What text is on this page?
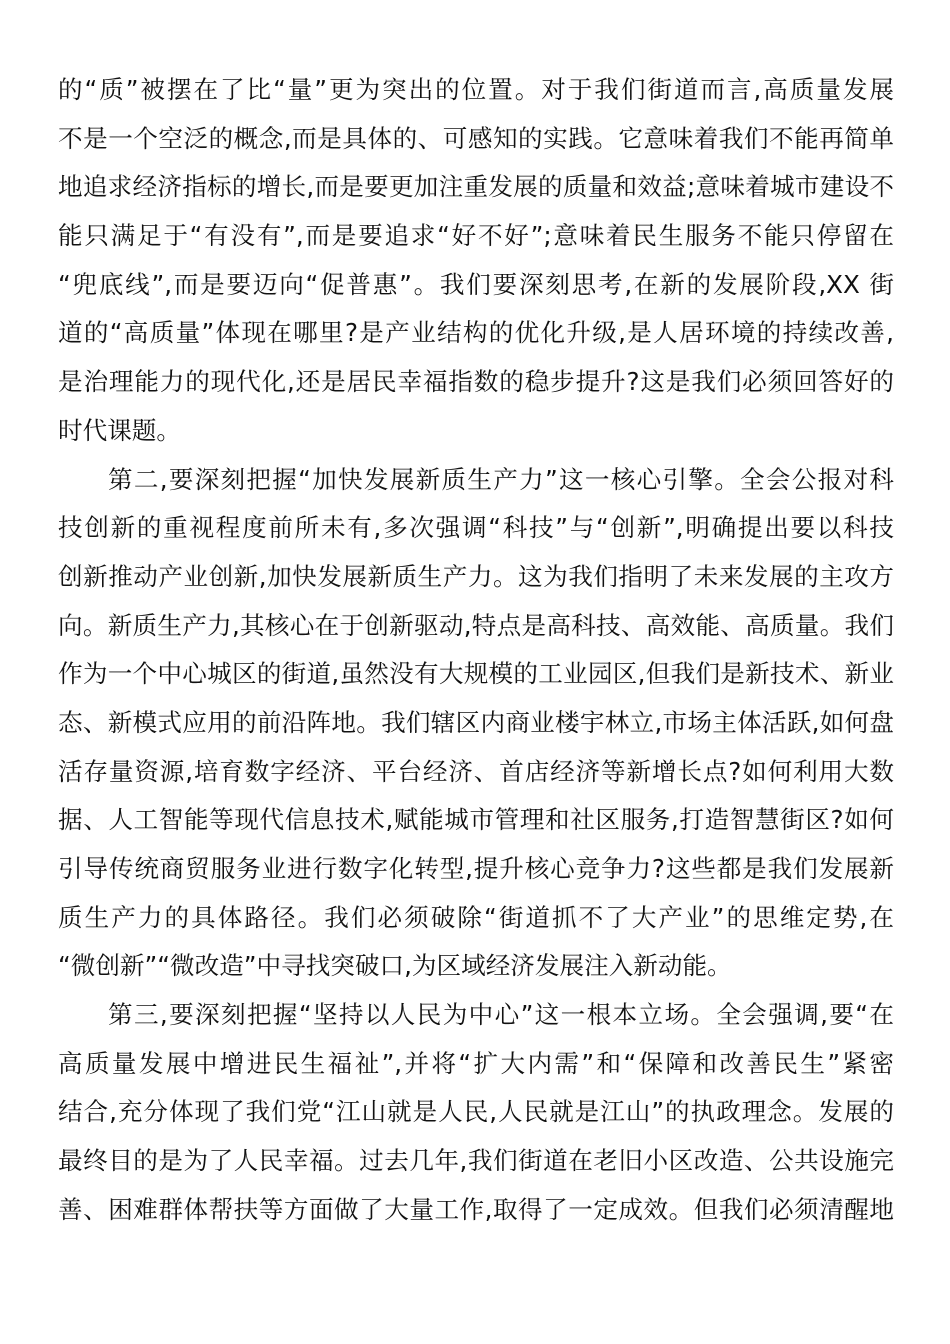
的“质”被摆在了比“量”更为突出的位置。对于我们街道而言,高质量发展
不是一个空泛的概念,而是具体的、可感知的实践。它意味着我们不能再简单
地追求经济指标的增长,而是要更加注重发展的质量和效益;意味着城市建设不
能只满足于“有没有”,而是要追求“好不好”;意味着民生服务不能只停留在
“兜底线”,而是要迈向“促普惠”。我们要深刻思考,在新的发展阶段,XX 街
道的“高质量”体现在哪里?是产业结构的优化升级,是人居环境的持续改善,
是治理能力的现代化,还是居民幸福指数的稳步提升?这是我们必须回答好的
时代课题。
第二,要深刻把握“加快发展新质生产力”这一核心引擎。全会公报对科
技创新的重视程度前所未有,多次强调“科技”与“创新”,明确提出要以科技
创新推动产业创新,加快发展新质生产力。这为我们指明了未来发展的主攻方
向。新质生产力,其核心在于创新驱动,特点是高科技、高效能、高质量。我们
作为一个中心城区的街道,虽然没有大规模的工业园区,但我们是新技术、新业
态、新模式应用的前沿阵地。我们辖区内商业楼宇林立,市场主体活跃,如何盘
活存量资源,培育数字经济、平台经济、首店经济等新增长点?如何利用大数
据、人工智能等现代信息技术,赋能城市管理和社区服务,打造智慧街区?如何
引导传统商贸服务业进行数字化转型,提升核心竞争力?这些都是我们发展新
质生产力的具体路径。我们必须破除“街道抓不了大产业”的思维定势,在
“微创新”“微改造”中寻找突破口,为区域经济发展注入新动能。
第三,要深刻把握“坚持以人民为中心”这一根本立场。全会强调,要“在
高质量发展中增进民生福祉”,并将“扩大内需”和“保障和改善民生”紧密
结合,充分体现了我们党“江山就是人民,人民就是江山”的执政理念。发展的
最终目的是为了人民幸福。过去几年,我们街道在老旧小区改造、公共设施完
善、困难群体帮扶等方面做了大量工作,取得了一定成效。但我们必须清醒地
